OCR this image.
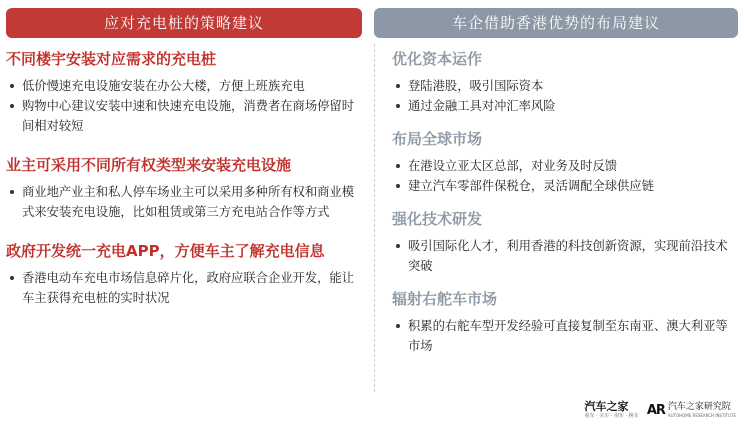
应对充电桩的策略建议	车企借助香港优势的布局建议
不同楼宇安装对应需求的充电桩
低价慢速充电设施安装在办公大楼，方便上班族充电
购物中心建议安装中速和快速充电设施，消费者在商场停留时间相对较短
业主可采用不同所有权类型来安装充电设施
商业地产业主和私人停车场业主可以采用多种所有权和商业模式来安装充电设施，比如租赁或第三方充电站合作等方式
政府开发统一充电APP，方便车主了解充电信息
香港电动车充电市场信息碎片化，政府应联合企业开发，能让车主获得充电桩的实时状况
优化资本运作
登陆港股，吸引国际资本
通过金融工具对冲汇率风险
布局全球市场
在港设立亚太区总部，对业务及时反馈
建立汽车零部件保税仓，灵活调配全球供应链
强化技术研发
吸引国际化人才，利用香港的科技创新资源，实现前沿技术突破
辐射右舵车市场
积累的右舵车型开发经验可直接复制至东南亚、澳大利亚等市场
汽车之家
看车 · 买车 · 用车 · 换车 AR 汽车之家研究院
AUTOHOME RESEARCH INSTITUTE
